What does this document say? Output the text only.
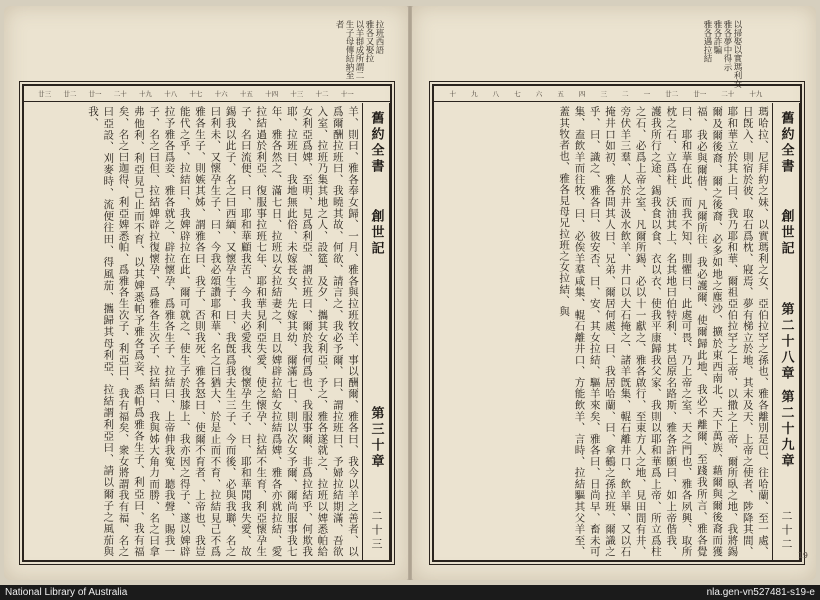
拉班西語雅各又娶拉以羊群成所謂二生子母傳結納至者
十一
十二
十三
十四
十五
十六
十七
十八
十九
二十
廿一
廿二
廿三
舊約全書
創世記
第三十章
二十三

羊、則曰、雅各奉女歸、一月、雅各與拉班牧羊、事以酬爾、雅各曰、我今以羊之善者、以爲爾酬拉班曰、我曉其故、何欲、請言之、我必予爾、曰、謂拉班曰、予婦拉結期滿、吾欲入室、拉班乃集其地之人、設筵、及夕、攜其女利亞、予之、雅各遂就之、拉班以婢悉帕給女利亞爲婢、至明、見爲利亞、謂拉班曰、爾於我何爲也、我服事爾、非爲拉結乎、何欺我耶、拉班曰、我地無此俗、未嫁長女、先嫁其幼、爾滿七日、則以次女予爾、爾尚服事我七年、雅各然之、滿七日、拉班以女拉結妻之、且以婢辟拉給女拉結爲婢、雅各亦就拉結、愛拉結過於利亞、復服事拉班七年、耶和華見利亞失愛、使之懷孕、拉結不生育、利亞懷孕生子、名曰流便、曰、耶和華顧我苦、今我夫必愛我、復懷孕生子、曰、耶和華聞我失愛、故錫我以此子、名之曰西緬、又懷孕生子、曰、我旣爲我夫生三子、今而後、必與我聯、名之曰利未、又懷孕生子、曰、今我必頌讚耶和華、名之曰猶大、於是止而不育、拉結見己不爲雅各生子、則嫉其姊、謂雅各曰、我子、否則我死、雅各怒曰、使爾不育者、上帝也、我豈能代之乎、拉結曰、我婢辟拉在此、爾可就之、使生子於我膝上、我亦因之得子、遂以婢辟拉予雅各爲妾、雅各就之、辟拉懷孕、爲雅各生子、拉結曰、上帝伸我寃、聽我聲、賜我一子、名之曰但、拉結婢辟拉復懷孕、爲雅各生次子、拉結曰、我與姊大角力而勝、名之曰拿弗他利、利亞見己止而不育、以其婢悉帕予雅各爲妾、悉帕爲雅各生子、利亞曰、我有福矣、名之曰迦得、利亞婢悉帕、爲雅各生次子、利亞曰、我有福矣、衆女將謂我有福、名之曰亞設、刈麥時、流便往田、得風茄、攜歸其母利亞、拉結謂利亞曰、請以爾子之風茄與我、

以掃娶以實瑪利女雅各夢中得示雅各詐騙雅各遇拉結
十九
二十
廿一
廿二
一
二
三
四
五
六
七
八
九
十
舊約全書
創世記
第二十八章 第二十九章
二十二

瑪哈拉、尼拜約之妹、以實瑪利之女、亞伯拉罕之孫也、雅各離別是巴、往哈蘭、至一處、日旣入、則宿於彼、取石爲枕、寢焉、夢有梯立於地、其末及天、上帝之使者、陟降其間、耶和華立於其上曰、我乃耶和華、爾祖亞伯拉罕之上帝、以撒之上帝、爾所臥之地、我將錫爾及爾後裔、爾之後裔、必多如地之塵沙、擴於東西南北、天下萬族、藉爾與爾後裔而獲福、我必與爾偕、凡爾所往、我必護爾、使爾歸此地、我必不離爾、至踐我所言、雅各覺曰、耶和華在此、而我不知、則懼曰、此處可畏、乃上帝之室、天之門也、雅各夙興、取所枕之石、立爲柱、沃油其上、名其地曰伯特利、其邑原名路斯、雅各許願曰、如上帝偕我、護我所行之途、錫我食以食、衣以衣、使我平康歸我父家、我則以耶和華爲上帝、所立爲柱之石、必爲上帝之室、凡爾所錫、必以十一獻之、雅各啟行、至東方人之地、見田間有井、旁伏羊三羣、人於井汲水飲羊、井口以大石掩之、諸羊旣集、輥石離井口、飲羊畢、又以石掩井口如初、雅各問其人曰、兄弟、爾居何處、曰、我居哈蘭、曰、拿鶴之孫拉班、爾識之乎、曰、識之、雅各曰、彼安否、曰、安、其女拉結、驅羊來矣、雅各曰、日尚早、畜未可集、盍飲羊而往牧、曰、必俟羊羣咸集、輥石離井口、方能飲羊、言時、拉結驅其父羊至、蓋其牧者也、雅各見母兄拉班之女拉結、與

19
National Library of Australia	nla.gen-vn527481-s19-e
